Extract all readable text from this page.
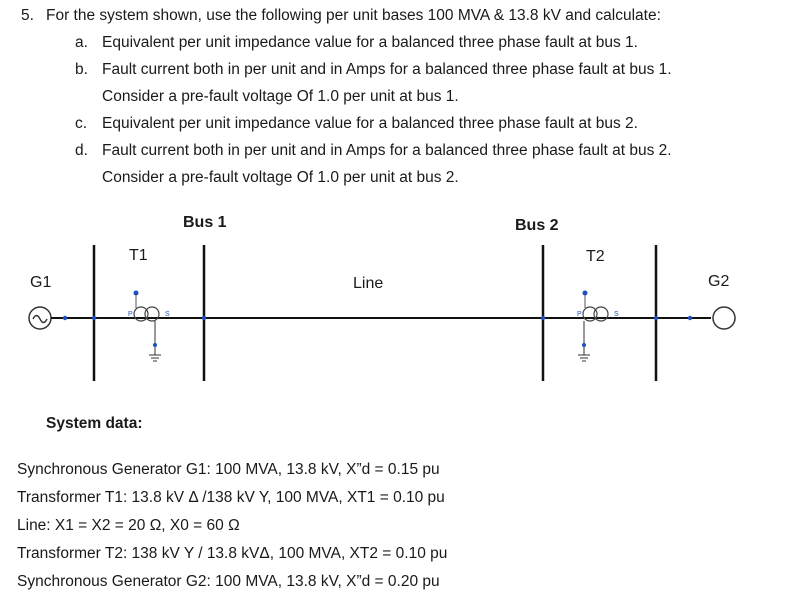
5. For the system shown, use the following per unit bases 100 MVA & 13.8 kV and calculate:
a. Equivalent per unit impedance value for a balanced three phase fault at bus 1.
b. Fault current both in per unit and in Amps for a balanced three phase fault at bus 1.
Consider a pre-fault voltage Of 1.0 per unit at bus 1.
c. Equivalent per unit impedance value for a balanced three phase fault at bus 2.
d. Fault current both in per unit and in Amps for a balanced three phase fault at bus 2.
Consider a pre-fault voltage Of 1.0 per unit at bus 2.
P	S	P	S
Bus 1	Bus 2
T1	T2
G1	G2
Line
System data:
Synchronous Generator G1: 100 MVA, 13.8 kV, X”d = 0.15 pu
Transformer T1: 13.8 kV Δ /138 kV Y, 100 MVA, XT1 = 0.10 pu
Line: X1 = X2 = 20 Ω, X0 = 60 Ω
Transformer T2: 138 kV Y / 13.8 kVΔ, 100 MVA, XT2 = 0.10 pu
Synchronous Generator G2: 100 MVA, 13.8 kV, X”d = 0.20 pu
